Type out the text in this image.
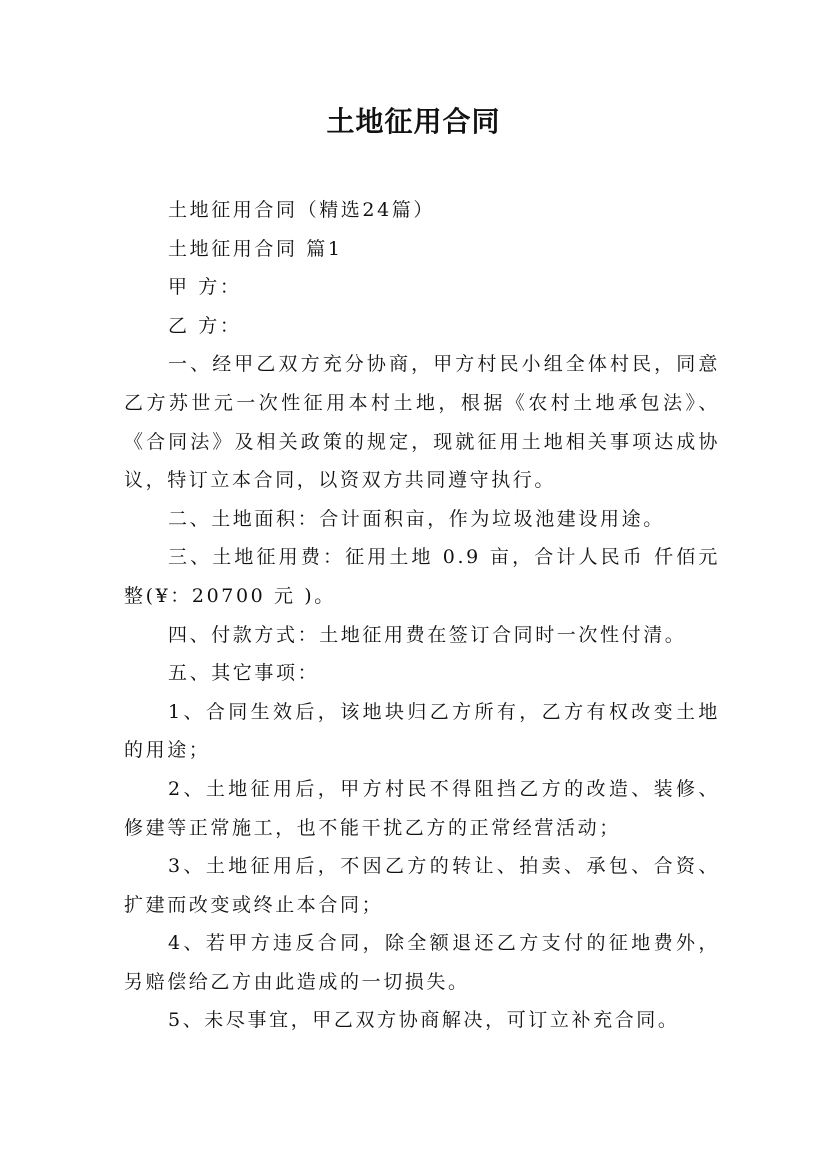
土地征用合同

土地征用合同（精选24篇）

土地征用合同 篇1

甲 方：

乙 方：

一、经甲乙双方充分协商，甲方村民小组全体村民，同意乙方苏世元一次性征用本村土地，根据《农村土地承包法》、《合同法》及相关政策的规定，现就征用土地相关事项达成协议，特订立本合同，以资双方共同遵守执行。

二、土地面积：合计面积亩，作为垃圾池建设用途。

三、土地征用费：征用土地 0.9 亩，合计人民币 仟佰元整(¥：20700 元 )。

四、付款方式：土地征用费在签订合同时一次性付清。

五、其它事项：

1、合同生效后，该地块归乙方所有，乙方有权改变土地的用途；

2、土地征用后，甲方村民不得阻挡乙方的改造、装修、修建等正常施工，也不能干扰乙方的正常经营活动；

3、土地征用后，不因乙方的转让、拍卖、承包、合资、扩建而改变或终止本合同；

4、若甲方违反合同，除全额退还乙方支付的征地费外，另赔偿给乙方由此造成的一切损失。

5、未尽事宜，甲乙双方协商解决，可订立补充合同。
